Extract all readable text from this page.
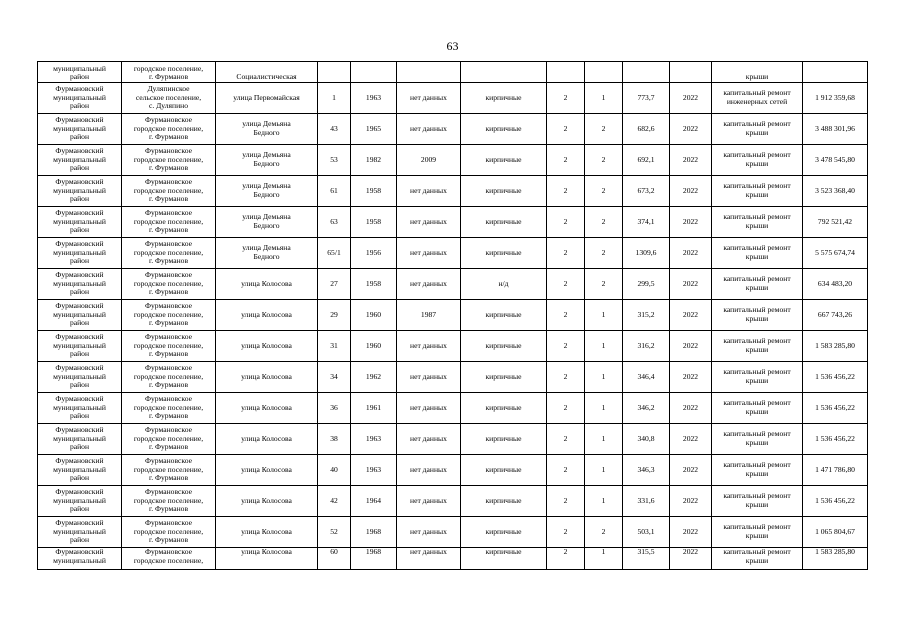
63
муниципальный
район	городское поселение,
г. Фурманов	Социалистическая									крыши	

Фурмановский
муниципальный
район	Дуляпинское
сельское поселение,
с. Дуляпино	улица Первомайская	1	1963	нет данных	кирпичные	2	1	773,7	2022	капитальный ремонт
инженерных сетей	1 912 359,68

Фурмановский
муниципальный
район	Фурмановское
городское поселение,
г. Фурманов	улица Демьяна
Бедного	43	1965	нет данных	кирпичные	2	2	682,6	2022	капитальный ремонт
крыши	3 488 301,96

Фурмановский
муниципальный
район	Фурмановское
городское поселение,
г. Фурманов	улица Демьяна
Бедного	53	1982	2009	кирпичные	2	2	692,1	2022	капитальный ремонт
крыши	3 478 545,80

Фурмановский
муниципальный
район	Фурмановское
городское поселение,
г. Фурманов	улица Демьяна
Бедного	61	1958	нет данных	кирпичные	2	2	673,2	2022	капитальный ремонт
крыши	3 523 368,40

Фурмановский
муниципальный
район	Фурмановское
городское поселение,
г. Фурманов	улица Демьяна
Бедного	63	1958	нет данных	кирпичные	2	2	374,1	2022	капитальный ремонт
крыши	792 521,42

Фурмановский
муниципальный
район	Фурмановское
городское поселение,
г. Фурманов	улица Демьяна
Бедного	65/1	1956	нет данных	кирпичные	2	2	1309,6	2022	капитальный ремонт
крыши	5 575 674,74

Фурмановский
муниципальный
район	Фурмановское
городское поселение,
г. Фурманов	улица Колосова	27	1958	нет данных	н/д	2	2	299,5	2022	капитальный ремонт
крыши	634 483,20

Фурмановский
муниципальный
район	Фурмановское
городское поселение,
г. Фурманов	улица Колосова	29	1960	1987	кирпичные	2	1	315,2	2022	капитальный ремонт
крыши	667 743,26

Фурмановский
муниципальный
район	Фурмановское
городское поселение,
г. Фурманов	улица Колосова	31	1960	нет данных	кирпичные	2	1	316,2	2022	капитальный ремонт
крыши	1 583 285,80

Фурмановский
муниципальный
район	Фурмановское
городское поселение,
г. Фурманов	улица Колосова	34	1962	нет данных	кирпичные	2	1	346,4	2022	капитальный ремонт
крыши	1 536 456,22

Фурмановский
муниципальный
район	Фурмановское
городское поселение,
г. Фурманов	улица Колосова	36	1961	нет данных	кирпичные	2	1	346,2	2022	капитальный ремонт
крыши	1 536 456,22

Фурмановский
муниципальный
район	Фурмановское
городское поселение,
г. Фурманов	улица Колосова	38	1963	нет данных	кирпичные	2	1	340,8	2022	капитальный ремонт
крыши	1 536 456,22

Фурмановский
муниципальный
район	Фурмановское
городское поселение,
г. Фурманов	улица Колосова	40	1963	нет данных	кирпичные	2	1	346,3	2022	капитальный ремонт
крыши	1 471 786,80

Фурмановский
муниципальный
район	Фурмановское
городское поселение,
г. Фурманов	улица Колосова	42	1964	нет данных	кирпичные	2	1	331,6	2022	капитальный ремонт
крыши	1 536 456,22

Фурмановский
муниципальный
район	Фурмановское
городское поселение,
г. Фурманов	улица Колосова	52	1968	нет данных	кирпичные	2	2	503,1	2022	капитальный ремонт
крыши	1 065 804,67

Фурмановский
муниципальный	Фурмановское
городское поселение,	улица Колосова	60	1968	нет данных	кирпичные	2	1	315,5	2022	капитальный ремонт
крыши	1 583 285,80
